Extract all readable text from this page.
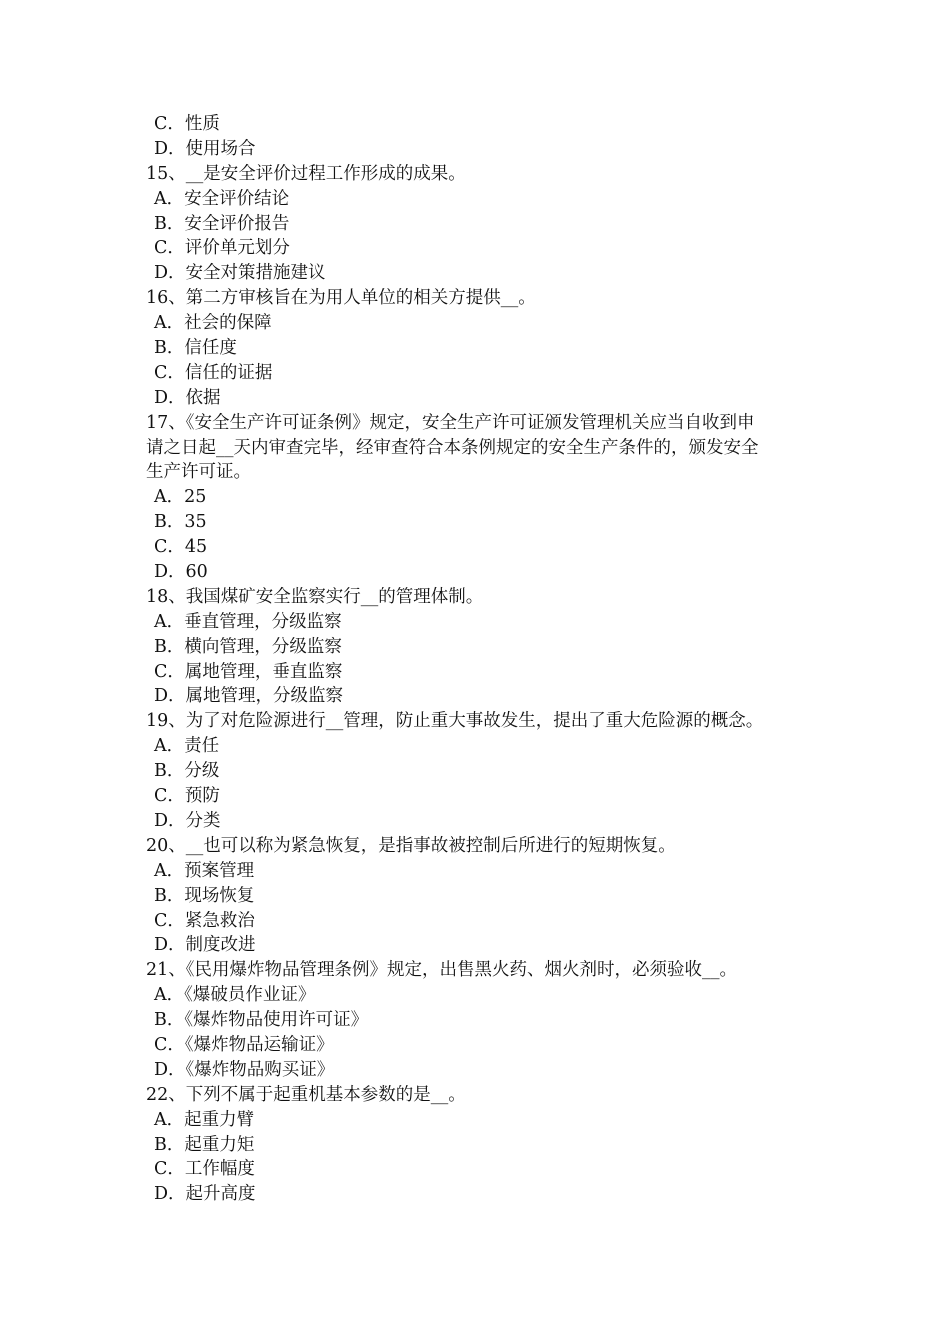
C．性质
D．使用场合
15、__是安全评价过程工作形成的成果。
A．安全评价结论
B．安全评价报告
C．评价单元划分
D．安全对策措施建议
16、第二方审核旨在为用人单位的相关方提供__。
A．社会的保障
B．信任度
C．信任的证据
D．依据
17、《安全生产许可证条例》规定，安全生产许可证颁发管理机关应当自收到申
请之日起__天内审查完毕，经审查符合本条例规定的安全生产条件的，颁发安全
生产许可证。
A．25
B．35
C．45
D．60
18、我国煤矿安全监察实行__的管理体制。
A．垂直管理，分级监察
B．横向管理，分级监察
C．属地管理，垂直监察
D．属地管理，分级监察
19、为了对危险源进行__管理，防止重大事故发生，提出了重大危险源的概念。
A．责任
B．分级
C．预防
D．分类
20、__也可以称为紧急恢复，是指事故被控制后所进行的短期恢复。
A．预案管理
B．现场恢复
C．紧急救治
D．制度改进
21、《民用爆炸物品管理条例》规定，出售黑火药、烟火剂时，必须验收__。
A．《爆破员作业证》
B．《爆炸物品使用许可证》
C．《爆炸物品运输证》
D．《爆炸物品购买证》
22、下列不属于起重机基本参数的是__。
A．起重力臂
B．起重力矩
C．工作幅度
D．起升高度
